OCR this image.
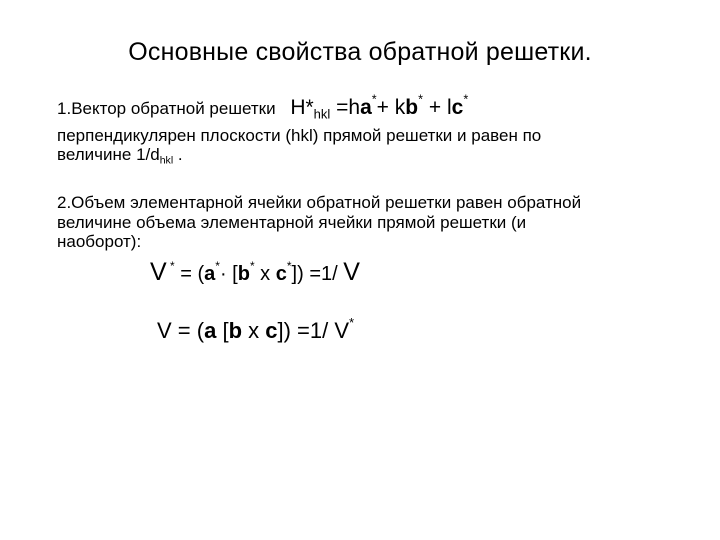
Основные свойства обратной решетки.
1.Вектор обратной решетки $H*_{hkl} =ha^*+ kb^* + lc^*$
перпендикулярен плоскости (hkl) прямой решетки и равен по
величине $1/d_{hkl}$ .
2.Объем элементарной ячейки обратной решетки равен обратной
величине объема элементарной ячейки прямой решетки (и
наоборот):
V * = (a*· [b* x c*]) =1/ V
V = (a [b x c]) =1/ V*
